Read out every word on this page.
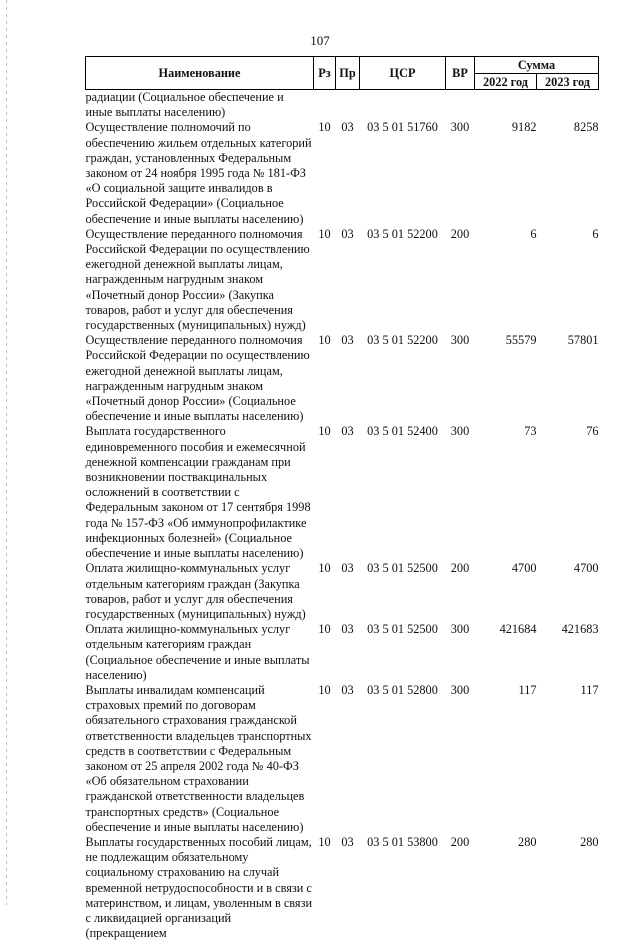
107
Наименование	Рз	Пр	ЦСР	ВР	Сумма	
					2022 год	2023 год
радиации (Социальное обеспечение и иные выплаты населению)						
Осуществление полномочий по обеспечению жильем отдельных категорий граждан, установленных Федеральным законом от 24 ноября 1995 года № 181-ФЗ «О социальной защите инвалидов в Российской Федерации» (Социальное обеспечение и иные выплаты населению)	10	03	03 5 01 51760	300	9182	8258
Осуществление переданного полномочия Российской Федерации по осуществлению ежегодной денежной выплаты лицам, награжденным нагрудным знаком «Почетный донор России» (Закупка товаров, работ и услуг для обеспечения государственных (муниципальных) нужд)	10	03	03 5 01 52200	200	6	6
Осуществление переданного полномочия Российской Федерации по осуществлению ежегодной денежной выплаты лицам, награжденным нагрудным знаком «Почетный донор России» (Социальное обеспечение и иные выплаты населению)	10	03	03 5 01 52200	300	55579	57801
Выплата государственного единовременного пособия и ежемесячной денежной компенсации гражданам при возникновении поствакцинальных осложнений в соответствии с Федеральным законом от 17 сентября 1998 года № 157-ФЗ «Об иммунопрофилактике инфекционных болезней» (Социальное обеспечение и иные выплаты населению)	10	03	03 5 01 52400	300	73	76
Оплата жилищно-коммунальных услуг отдельным категориям граждан (Закупка товаров, работ и услуг для обеспечения государственных (муниципальных) нужд)	10	03	03 5 01 52500	200	4700	4700
Оплата жилищно-коммунальных услуг отдельным категориям граждан (Социальное обеспечение и иные выплаты населению)	10	03	03 5 01 52500	300	421684	421683
Выплаты инвалидам компенсаций страховых премий по договорам обязательного страхования гражданской ответственности владельцев транспортных средств в соответствии с Федеральным законом от 25 апреля 2002 года № 40-ФЗ «Об обязательном страховании гражданской ответственности владельцев транспортных средств» (Социальное обеспечение и иные выплаты населению)	10	03	03 5 01 52800	300	117	117
Выплаты государственных пособий лицам, не подлежащим обязательному социальному страхованию на случай временной нетрудоспособности и в связи с материнством, и лицам, уволенным в связи с ликвидацией организаций (прекращением	10	03	03 5 01 53800	200	280	280
